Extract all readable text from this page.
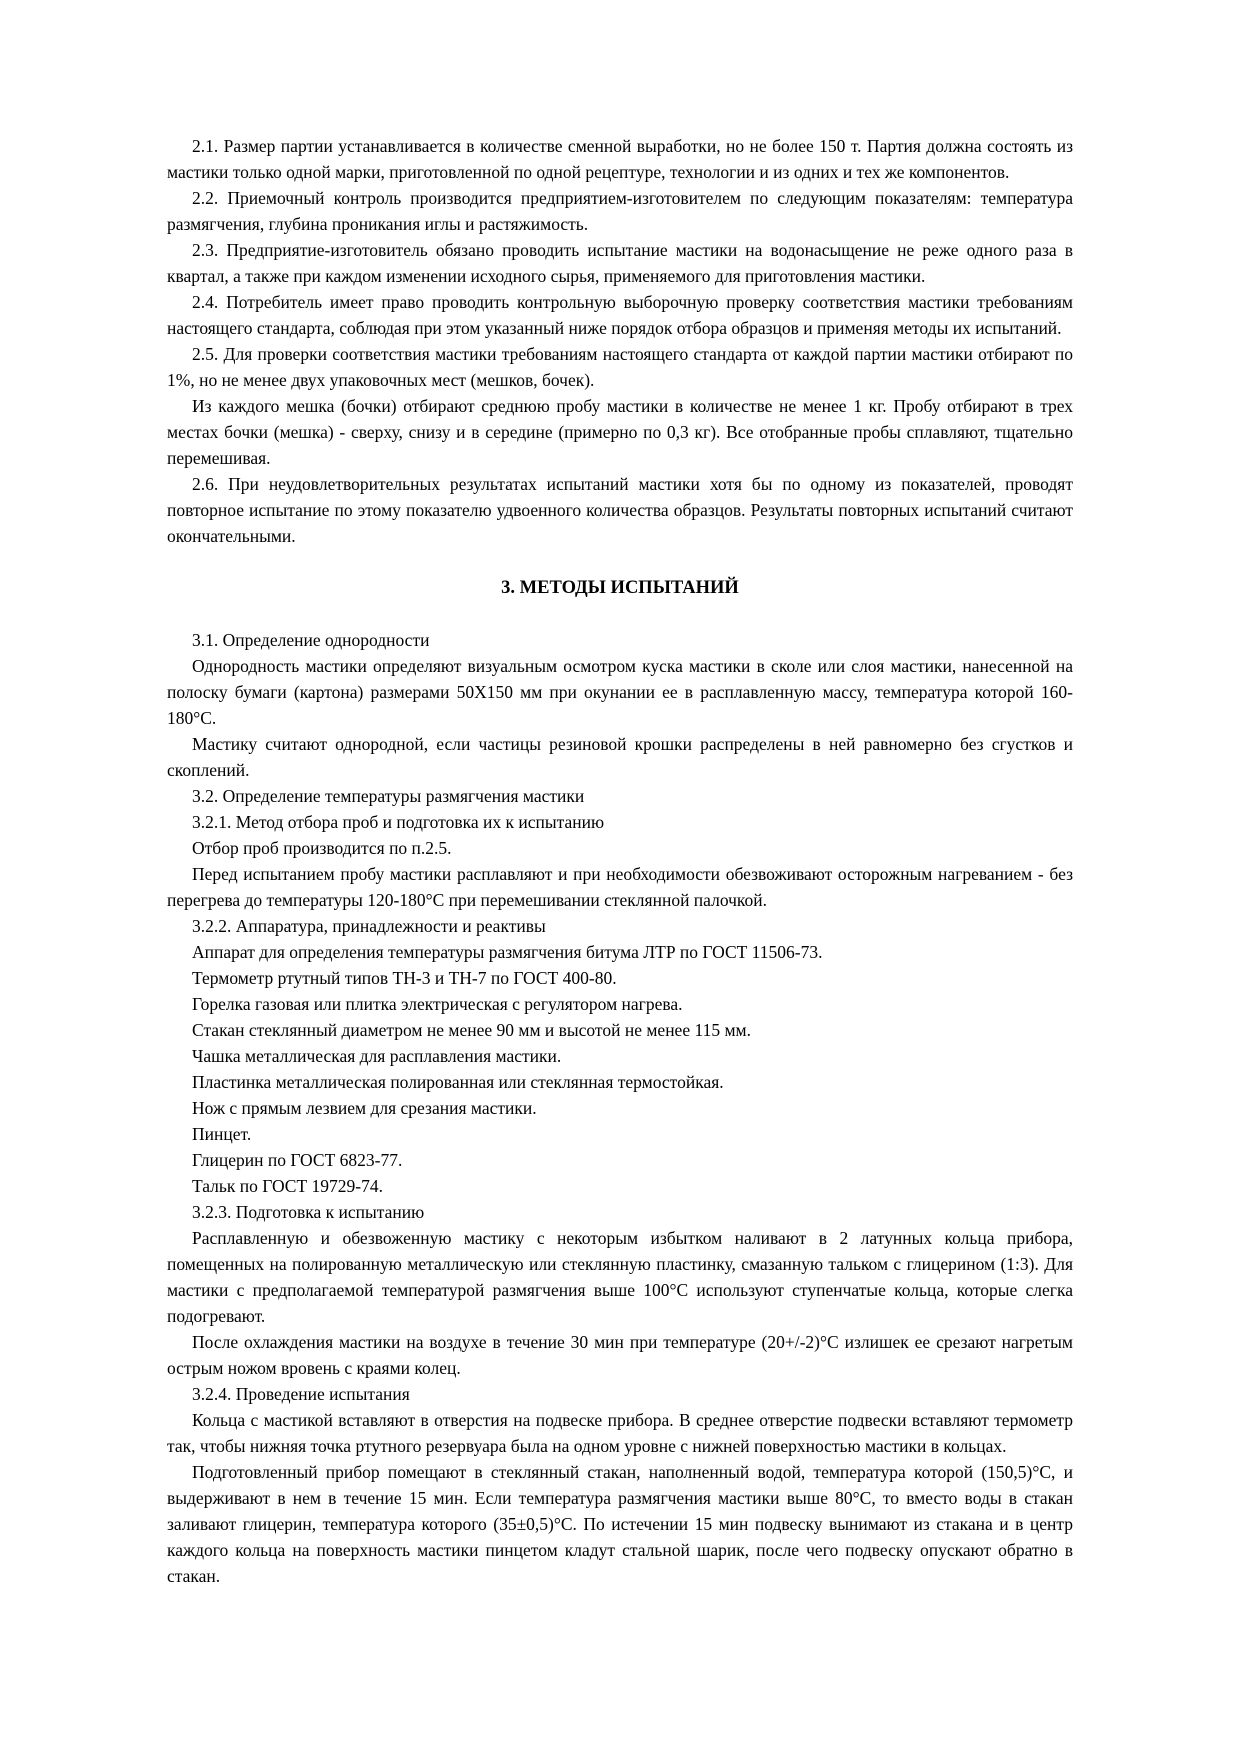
2.1. Размер партии устанавливается в количестве сменной выработки, но не более 150 т. Партия должна состоять из мастики только одной марки, приготовленной по одной рецептуре, технологии и из одних и тех же компонентов.

2.2. Приемочный контроль производится предприятием-изготовителем по следующим показателям: температура размягчения, глубина проникания иглы и растяжимость.

2.3. Предприятие-изготовитель обязано проводить испытание мастики на водонасыщение не реже одного раза в квартал, а также при каждом изменении исходного сырья, применяемого для приготовления мастики.

2.4. Потребитель имеет право проводить контрольную выборочную проверку соответствия мастики требованиям настоящего стандарта, соблюдая при этом указанный ниже порядок отбора образцов и применяя методы их испытаний.

2.5. Для проверки соответствия мастики требованиям настоящего стандарта от каждой партии мастики отбирают по 1%, но не менее двух упаковочных мест (мешков, бочек).

Из каждого мешка (бочки) отбирают среднюю пробу мастики в количестве не менее 1 кг. Пробу отбирают в трех местах бочки (мешка) - сверху, снизу и в середине (примерно по 0,3 кг). Все отобранные пробы сплавляют, тщательно перемешивая.

2.6. При неудовлетворительных результатах испытаний мастики хотя бы по одному из показателей, проводят повторное испытание по этому показателю удвоенного количества образцов. Результаты повторных испытаний считают окончательными.

3. МЕТОДЫ ИСПЫТАНИЙ

3.1. Определение однородности

Однородность мастики определяют визуальным осмотром куска мастики в сколе или слоя мастики, нанесенной на полоску бумаги (картона) размерами 50X150 мм при окунании ее в расплавленную массу, температура которой 160-180°С.

Мастику считают однородной, если частицы резиновой крошки распределены в ней равномерно без сгустков и скоплений.

3.2. Определение температуры размягчения мастики

3.2.1. Метод отбора проб и подготовка их к испытанию

Отбор проб производится по п.2.5.

Перед испытанием пробу мастики расплавляют и при необходимости обезвоживают осторожным нагреванием - без перегрева до температуры 120-180°С при перемешивании стеклянной палочкой.

3.2.2. Аппаратура, принадлежности и реактивы

Аппарат для определения температуры размягчения битума ЛТР по ГОСТ 11506-73.

Термометр ртутный типов ТН-3 и ТН-7 по ГОСТ 400-80.

Горелка газовая или плитка электрическая с регулятором нагрева.

Стакан стеклянный диаметром не менее 90 мм и высотой не менее 115 мм.

Чашка металлическая для расплавления мастики.

Пластинка металлическая полированная или стеклянная термостойкая.

Нож с прямым лезвием для срезания мастики.

Пинцет.

Глицерин по ГОСТ 6823-77.

Тальк по ГОСТ 19729-74.

3.2.3. Подготовка к испытанию

Расплавленную и обезвоженную мастику с некоторым избытком наливают в 2 латунных кольца прибора, помещенных на полированную металлическую или стеклянную пластинку, смазанную тальком с глицерином (1:3). Для мастики с предполагаемой температурой размягчения выше 100°С используют ступенчатые кольца, которые слегка подогревают.

После охлаждения мастики на воздухе в течение 30 мин при температуре (20+/-2)°С излишек ее срезают нагретым острым ножом вровень с краями колец.

3.2.4. Проведение испытания

Кольца с мастикой вставляют в отверстия на подвеске прибора. В среднее отверстие подвески вставляют термометр так, чтобы нижняя точка ртутного резервуара была на одном уровне с нижней поверхностью мастики в кольцах.

Подготовленный прибор помещают в стеклянный стакан, наполненный водой, температура которой (150,5)°С, и выдерживают в нем в течение 15 мин. Если температура размягчения мастики выше 80°С, то вместо воды в стакан заливают глицерин, температура которого (35±0,5)°С. По истечении 15 мин подвеску вынимают из стакана и в центр каждого кольца на поверхность мастики пинцетом кладут стальной шарик, после чего подвеску опускают обратно в стакан.
